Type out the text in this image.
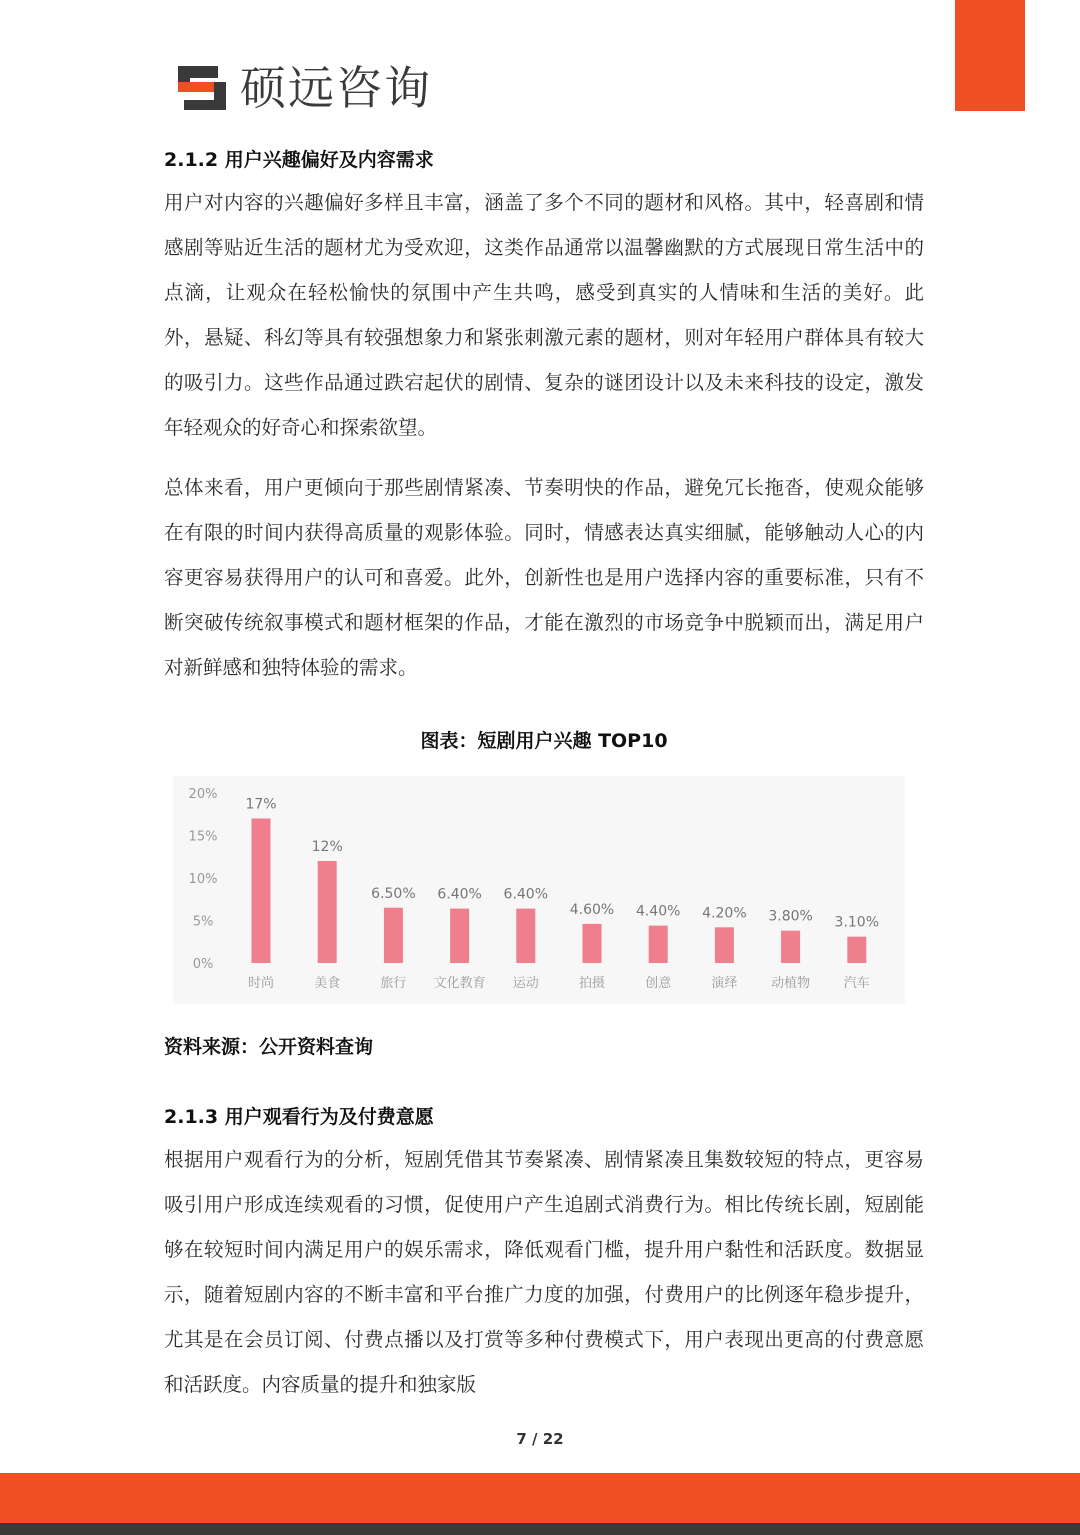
硕远咨询
2.1.2 用户兴趣偏好及内容需求

用户对内容的兴趣偏好多样且丰富，涵盖了多个不同的题材和风格。其中，轻喜剧和情感剧等贴近生活的题材尤为受欢迎，这类作品通常以温馨幽默的方式展现日常生活中的点滴，让观众在轻松愉快的氛围中产生共鸣，感受到真实的人情味和生活的美好。此外，悬疑、科幻等具有较强想象力和紧张刺激元素的题材，则对年轻用户群体具有较大的吸引力。这些作品通过跌宕起伏的剧情、复杂的谜团设计以及未来科技的设定，激发年轻观众的好奇心和探索欲望。

总体来看，用户更倾向于那些剧情紧凑、节奏明快的作品，避免冗长拖沓，使观众能够在有限的时间内获得高质量的观影体验。同时，情感表达真实细腻，能够触动人心的内容更容易获得用户的认可和喜爱。此外，创新性也是用户选择内容的重要标准，只有不断突破传统叙事模式和题材框架的作品，才能在激烈的市场竞争中脱颖而出，满足用户对新鲜感和独特体验的需求。

图表：短剧用户兴趣 TOP10
0%
5%
10%
15%
20%
17%
时尚
12%
美食
6.50%
旅行
6.40%
文化教育
6.40%
运动
4.60%
拍摄
4.40%
创意
4.20%
演绎
3.80%
动植物
3.10%
汽车
资料来源：公开资料查询
2.1.3 用户观看行为及付费意愿

根据用户观看行为的分析，短剧凭借其节奏紧凑、剧情紧凑且集数较短的特点，更容易吸引用户形成连续观看的习惯，促使用户产生追剧式消费行为。相比传统长剧，短剧能够在较短时间内满足用户的娱乐需求，降低观看门槛，提升用户黏性和活跃度。数据显示，随着短剧内容的不断丰富和平台推广力度的加强，付费用户的比例逐年稳步提升，尤其是在会员订阅、付费点播以及打赏等多种付费模式下，用户表现出更高的付费意愿和活跃度。内容质量的提升和独家版

7 / 22
